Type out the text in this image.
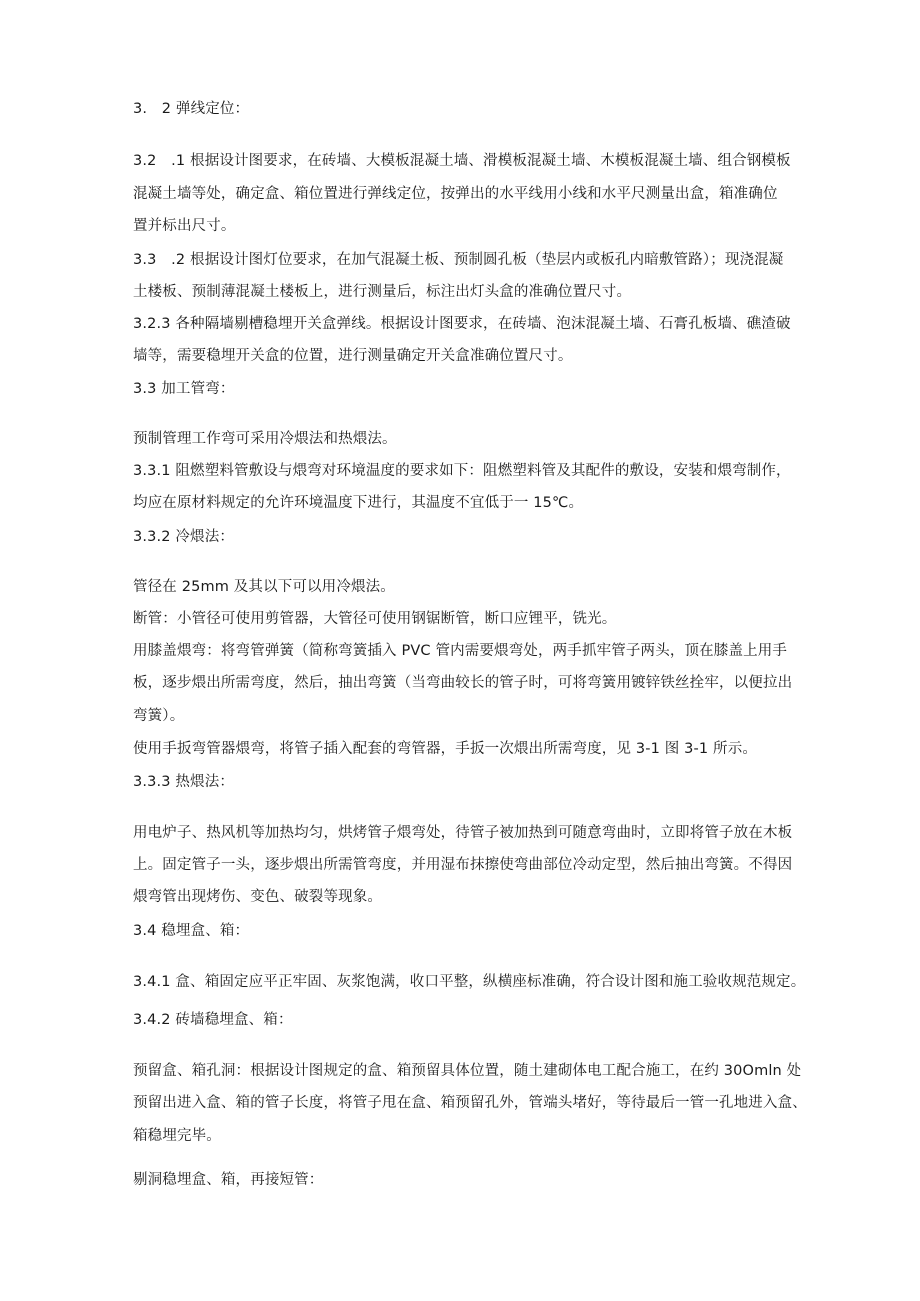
3.　2 弹线定位：
3.2　.1 根据设计图要求，在砖墙、大模板混凝土墙、滑模板混凝土墙、木模板混凝土墙、组合钢模板
混凝土墙等处，确定盒、箱位置进行弹线定位，按弹出的水平线用小线和水平尺测量出盒，箱准确位
置并标出尺寸。
3.3　.2 根据设计图灯位要求，在加气混凝土板、预制圆孔板（垫层内或板孔内暗敷管路）；现浇混凝
土楼板、预制薄混凝土楼板上，进行测量后，标注出灯头盒的准确位置尺寸。
3.2.3 各种隔墙剔槽稳埋开关盒弹线。根据设计图要求，在砖墙、泡沫混凝土墙、石膏孔板墙、礁渣破
墙等，需要稳埋开关盒的位置，进行测量确定开关盒准确位置尺寸。
3.3 加工管弯：
预制管理工作弯可采用冷煨法和热煨法。
3.3.1 阻燃塑料管敷设与煨弯对环境温度的要求如下：阻燃塑料管及其配件的敷设，安装和煨弯制作，
均应在原材料规定的允许环境温度下进行，其温度不宜低于一 15℃。
3.3.2 冷煨法：
管径在 25mm 及其以下可以用冷煨法。
断管：小管径可使用剪管器，大管径可使用钢锯断管，断口应锂平，铣光。
用膝盖煨弯：将弯管弹簧（简称弯簧插入 PVC 管内需要煨弯处，两手抓牢管子两头，顶在膝盖上用手
板，逐步煨出所需弯度，然后，抽出弯簧（当弯曲较长的管子时，可将弯簧用镀锌铁丝拴牢，以便拉出
弯簧）。
使用手扳弯管器煨弯，将管子插入配套的弯管器，手扳一次煨出所需弯度，见 3-1 图 3-1 所示。
3.3.3 热煨法：
用电炉子、热风机等加热均匀，烘烤管子煨弯处，待管子被加热到可随意弯曲时，立即将管子放在木板
上。固定管子一头，逐步煨出所需管弯度，并用湿布抹擦使弯曲部位冷动定型，然后抽出弯簧。不得因
煨弯管出现烤伤、变色、破裂等现象。
3.4 稳埋盒、箱：
3.4.1 盒、箱固定应平正牢固、灰浆饱满，收口平整，纵横座标准确，符合设计图和施工验收规范规定。
3.4.2 砖墙稳埋盒、箱：
预留盒、箱孔洞：根据设计图规定的盒、箱预留具体位置，随土建砌体电工配合施工，在约 30Omln 处
预留出进入盒、箱的管子长度，将管子甩在盒、箱预留孔外，管端头堵好，等待最后一管一孔地进入盒、
箱稳埋完毕。
剔洞稳埋盒、箱，再接短管：
